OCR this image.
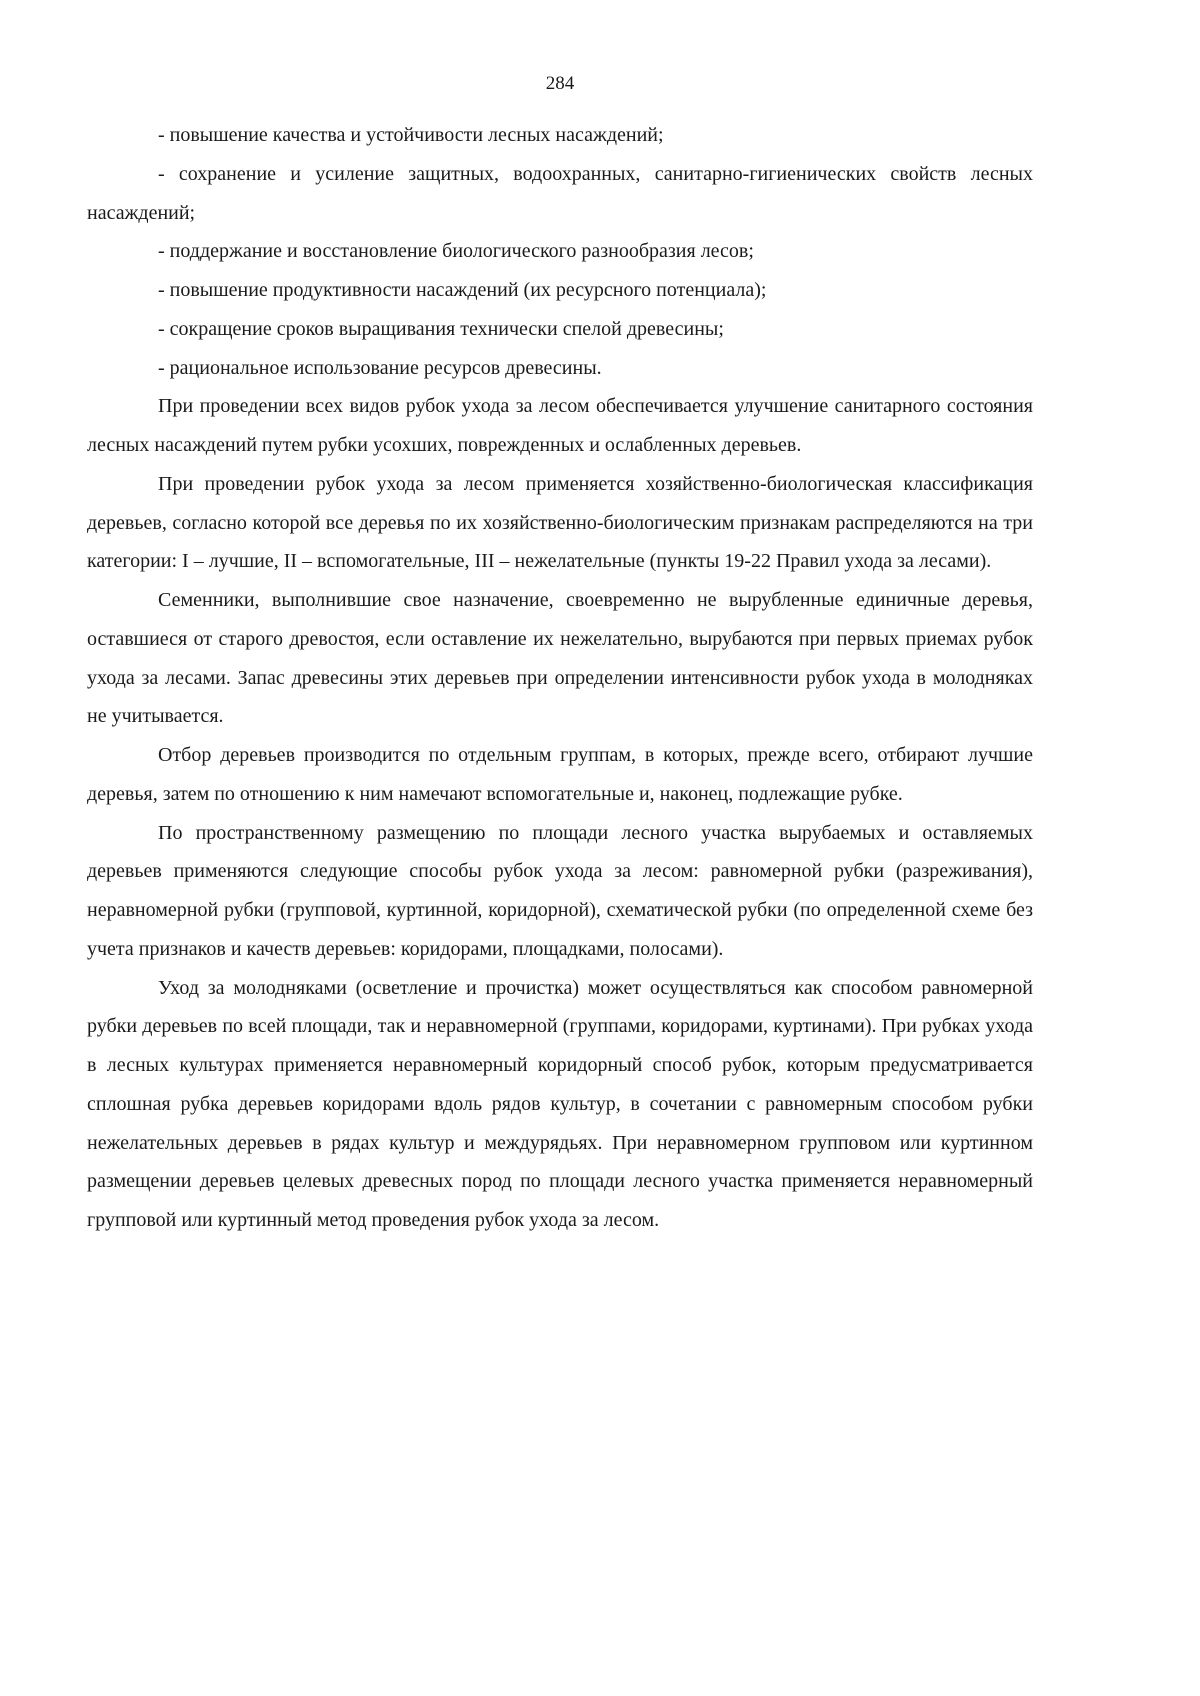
284

- повышение качества и устойчивости лесных насаждений;

- сохранение и усиление защитных, водоохранных, санитарно-гигиенических свойств лесных насаждений;

- поддержание и восстановление биологического разнообразия лесов;

- повышение продуктивности насаждений (их ресурсного потенциала);

- сокращение сроков выращивания технически спелой древесины;

- рациональное использование ресурсов древесины.

При проведении всех видов рубок ухода за лесом обеспечивается улучшение санитарного состояния лесных насаждений путем рубки усохших, поврежденных и ослабленных деревьев.

При проведении рубок ухода за лесом применяется хозяйственно-биологическая классификация деревьев, согласно которой все деревья по их хозяйственно-биологическим признакам распределяются на три категории: I – лучшие, II – вспомогательные, III – нежелательные (пункты 19-22 Правил ухода за лесами).

Семенники, выполнившие свое назначение, своевременно не вырубленные единичные деревья, оставшиеся от старого древостоя, если оставление их нежелательно, вырубаются при первых приемах рубок ухода за лесами. Запас древесины этих деревьев при определении интенсивности рубок ухода в молодняках не учитывается.

Отбор деревьев производится по отдельным группам, в которых, прежде всего, отбирают лучшие деревья, затем по отношению к ним намечают вспомогательные и, наконец, подлежащие рубке.

По пространственному размещению по площади лесного участка вырубаемых и оставляемых деревьев применяются следующие способы рубок ухода за лесом: равномерной рубки (разреживания), неравномерной рубки (групповой, куртинной, коридорной), схематической рубки (по определенной схеме без учета признаков и качеств деревьев: коридорами, площадками, полосами).

Уход за молодняками (осветление и прочистка) может осуществляться как способом равномерной рубки деревьев по всей площади, так и неравномерной (группами, коридорами, куртинами). При рубках ухода в лесных культурах применяется неравномерный коридорный способ рубок, которым предусматривается сплошная рубка деревьев коридорами вдоль рядов культур, в сочетании с равномерным способом рубки нежелательных деревьев в рядах культур и междурядьях. При неравномерном групповом или куртинном размещении деревьев целевых древесных пород по площади лесного участка применяется неравномерный групповой или куртинный метод проведения рубок ухода за лесом.
